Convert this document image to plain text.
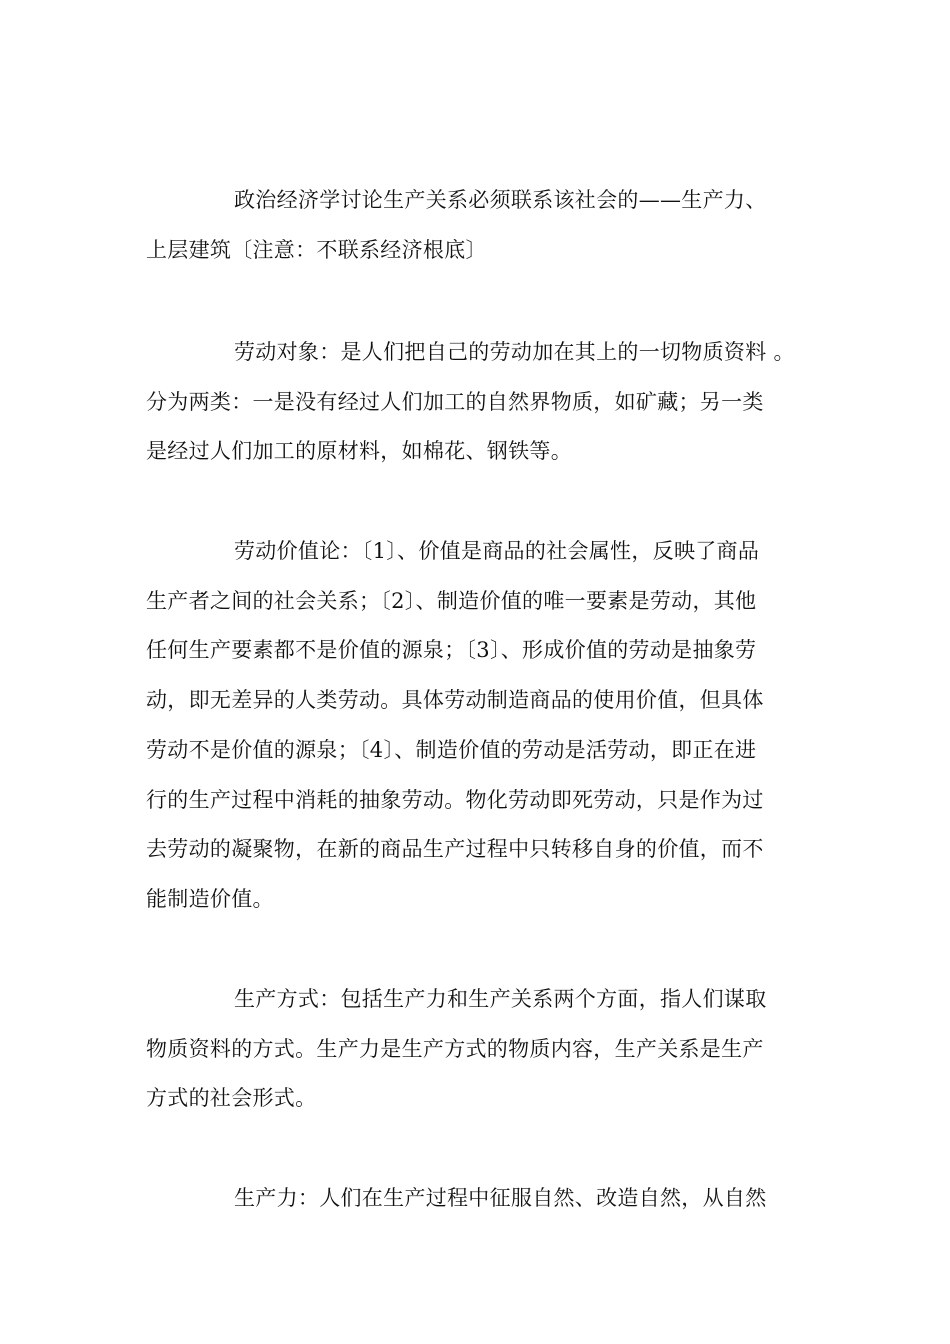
政治经济学讨论生产关系必须联系该社会的——生产力、
上层建筑〔注意：不联系经济根底〕
劳动对象：是人们把自己的劳动加在其上的一切物质资料 。
分为两类：一是没有经过人们加工的自然界物质，如矿藏；另一类
是经过人们加工的原材料，如棉花、钢铁等。
劳动价值论：〔1〕、价值是商品的社会属性，反映了商品
生产者之间的社会关系；〔2〕、制造价值的唯一要素是劳动，其他
任何生产要素都不是价值的源泉；〔3〕、形成价值的劳动是抽象劳
动，即无差异的人类劳动。具体劳动制造商品的使用价值，但具体
劳动不是价值的源泉；〔4〕、制造价值的劳动是活劳动，即正在进
行的生产过程中消耗的抽象劳动。物化劳动即死劳动，只是作为过
去劳动的凝聚物，在新的商品生产过程中只转移自身的价值，而不
能制造价值。
生产方式：包括生产力和生产关系两个方面，指人们谋取
物质资料的方式。生产力是生产方式的物质内容，生产关系是生产
方式的社会形式。
生产力：人们在生产过程中征服自然、改造自然，从自然
